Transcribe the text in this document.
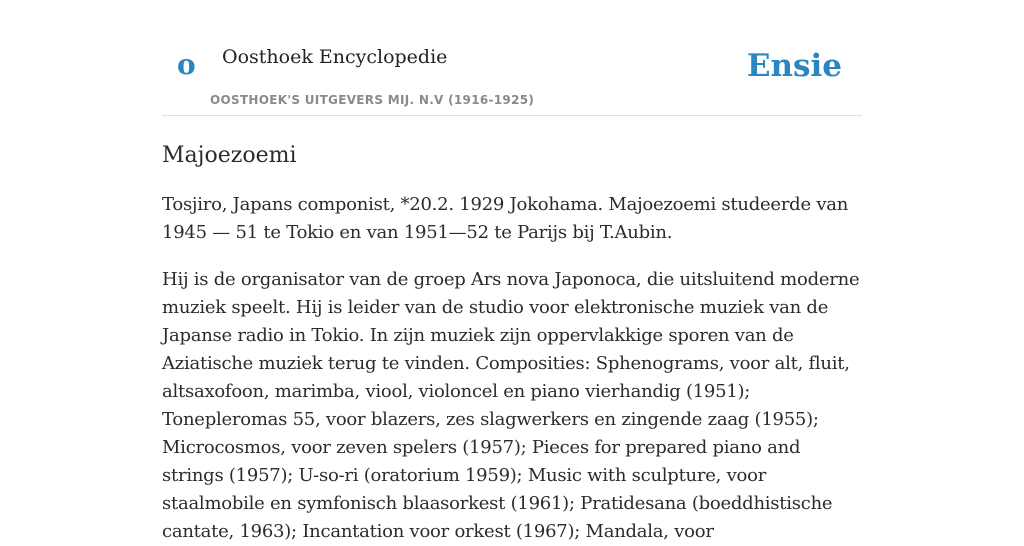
o Oosthoek Encyclopedie
OOSTHOEK'S UITGEVERS MIJ. N.V (1916-1925)
Ensie
Majoezoemi

Tosjiro, Japans componist, *20.2. 1929 Jokohama. Majoezoemi studeerde van 1945 — 51 te Tokio en van 1951—52 te Parijs bij T.Aubin.

Hij is de organisator van de groep Ars nova Japonoca, die uitsluitend moderne muziek speelt. Hij is leider van de studio voor elektronische muziek van de Japanse radio in Tokio. In zijn muziek zijn oppervlakkige sporen van de Aziatische muziek terug te vinden. Composities: Sphenograms, voor alt, fluit, altsaxofoon, marimba, viool, violoncel en piano vierhandig (1951); Tonepleromas 55, voor blazers, zes slagwerkers en zingende zaag (1955); Microcosmos, voor zeven spelers (1957); Pieces for prepared piano and strings (1957); U-so-ri (oratorium 1959); Music with sculpture, voor staalmobile en symfonisch blaasorkest (1961); Pratidesana (boeddhistische cantate, 1963); Incantation voor orkest (1967); Mandala, voor
